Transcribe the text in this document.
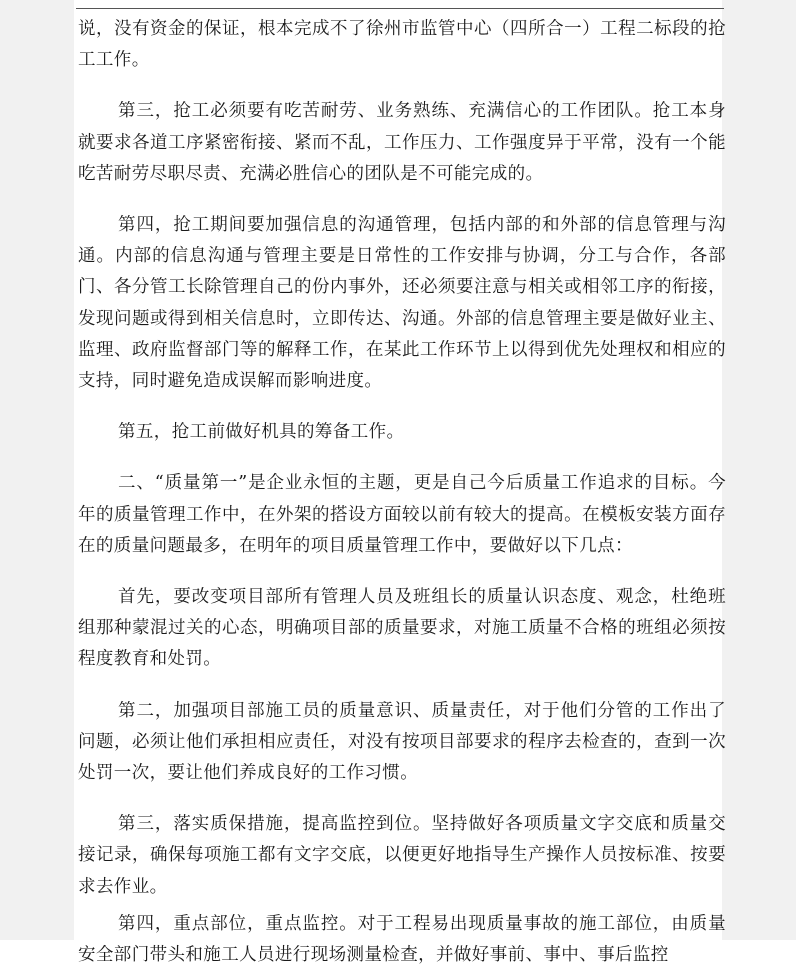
说，没有资金的保证，根本完成不了徐州市监管中心（四所合一）工程二标段的抢工工作。

第三，抢工必须要有吃苦耐劳、业务熟练、充满信心的工作团队。抢工本身就要求各道工序紧密衔接、紧而不乱，工作压力、工作强度异于平常，没有一个能吃苦耐劳尽职尽责、充满必胜信心的团队是不可能完成的。

第四，抢工期间要加强信息的沟通管理，包括内部的和外部的信息管理与沟通。内部的信息沟通与管理主要是日常性的工作安排与协调，分工与合作，各部门、各分管工长除管理自己的份内事外，还必须要注意与相关或相邻工序的衔接，发现问题或得到相关信息时，立即传达、沟通。外部的信息管理主要是做好业主、监理、政府监督部门等的解释工作，在某此工作环节上以得到优先处理权和相应的支持，同时避免造成误解而影响进度。

第五，抢工前做好机具的筹备工作。

二、“质量第一”是企业永恒的主题，更是自己今后质量工作追求的目标。今年的质量管理工作中，在外架的搭设方面较以前有较大的提高。在模板安装方面存在的质量问题最多，在明年的项目质量管理工作中，要做好以下几点：

首先，要改变项目部所有管理人员及班组长的质量认识态度、观念，杜绝班组那种蒙混过关的心态，明确项目部的质量要求，对施工质量不合格的班组必须按程度教育和处罚。

第二，加强项目部施工员的质量意识、质量责任，对于他们分管的工作出了问题，必须让他们承担相应责任，对没有按项目部要求的程序去检查的，查到一次处罚一次，要让他们养成良好的工作习惯。

第三，落实质保措施，提高监控到位。坚持做好各项质量文字交底和质量交接记录，确保每项施工都有文字交底，以便更好地指导生产操作人员按标准、按要求去作业。

第四，重点部位，重点监控。对于工程易出现质量事故的施工部位，由质量安全部门带头和施工人员进行现场测量检查，并做好事前、事中、事后监控
